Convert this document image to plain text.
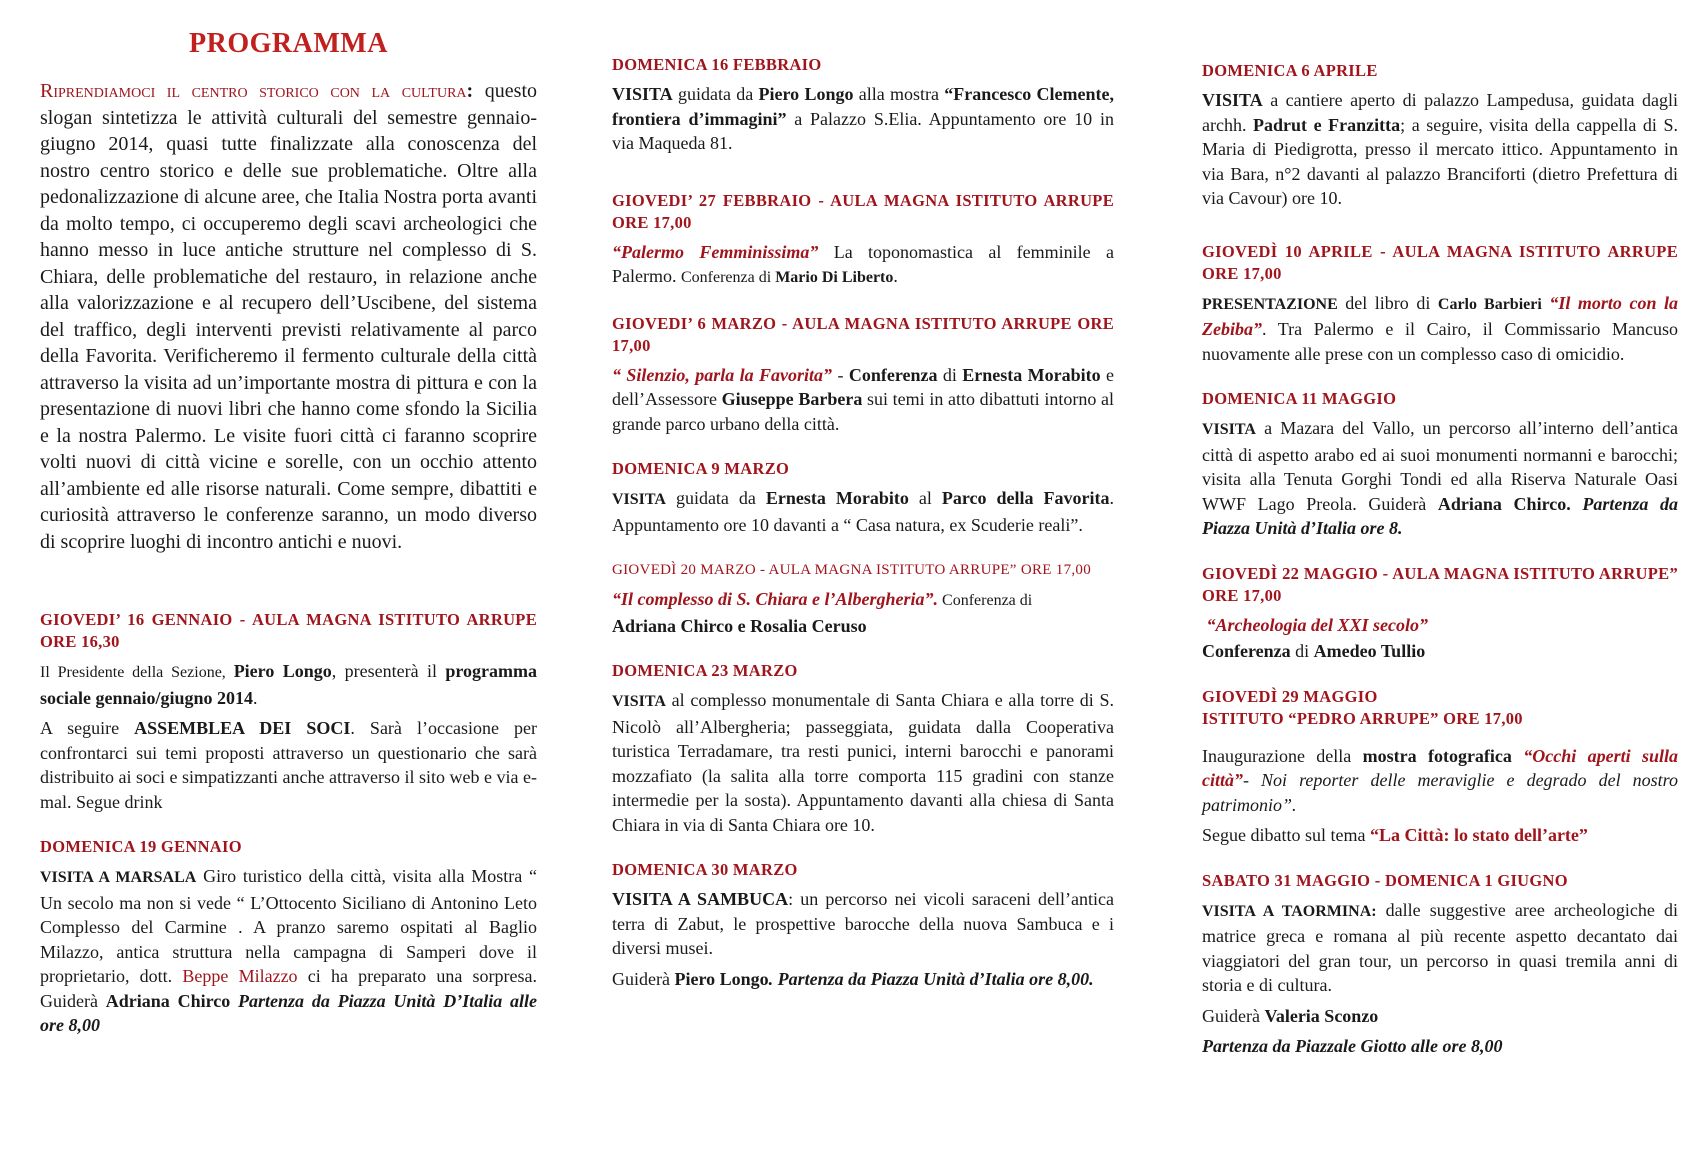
PROGRAMMA

Riprendiamoci il centro storico con la cultura: questo slogan sintetizza le attività culturali del semestre gennaio-giugno 2014, quasi tutte finalizzate alla conoscenza del nostro centro storico e delle sue problematiche. Oltre alla pedonalizzazione di alcune aree, che Italia Nostra porta avanti da molto tempo, ci occuperemo degli scavi archeologici che hanno messo in luce antiche strutture nel complesso di S. Chiara, delle problematiche del restauro, in relazione anche alla valorizzazione e al recupero dell’Uscibene, del sistema del traffico, degli interventi previsti relativamente al parco della Favorita. Verificheremo il fermento culturale della città attraverso la visita ad un’importante mostra di pittura e con la presentazione di nuovi libri che hanno come sfondo la Sicilia e la nostra Palermo. Le visite fuori città ci faranno scoprire volti nuovi di città vicine e sorelle, con un occhio attento all’ambiente ed alle risorse naturali. Come sempre, dibattiti e curiosità attraverso le conferenze saranno, un modo diverso di scoprire luoghi di incontro antichi e nuovi.

GIOVEDI’ 16 GENNAIO - AULA MAGNA ISTITUTO ARRUPE ORE 16,30

Il Presidente della Sezione, Piero Longo, presenterà il programma sociale gennaio/giugno 2014.

A seguire ASSEMBLEA DEI SOCI. Sarà l’occasione per confrontarci sui temi proposti attraverso un questionario che sarà distribuito ai soci e simpatizzanti anche attraverso il sito web e via e-mal. Segue drink

DOMENICA 19 GENNAIO

VISITA A MARSALA Giro turistico della città, visita alla Mostra “ Un secolo ma non si vede “ L’Ottocento Siciliano di Antonino Leto Complesso del Carmine . A pranzo saremo ospitati al Baglio Milazzo, antica struttura nella campagna di Samperi dove il proprietario, dott. Beppe Milazzo ci ha preparato una sorpresa. Guiderà Adriana Chirco Partenza da Piazza Unità D’Italia alle ore 8,00

DOMENICA 16 FEBBRAIO

VISITA guidata da Piero Longo alla mostra “Francesco Clemente, frontiera d’immagini” a Palazzo S.Elia. Appuntamento ore 10 in via Maqueda 81.

GIOVEDI’ 27 FEBBRAIO - AULA MAGNA ISTITUTO ARRUPE ORE 17,00

“Palermo Femminissima” La toponomastica al femminile a Palermo. Conferenza di Mario Di Liberto.

GIOVEDI’ 6 MARZO - AULA MAGNA ISTITUTO ARRUPE ORE 17,00

“ Silenzio, parla la Favorita” - Conferenza di Ernesta Morabito e dell’Assessore Giuseppe Barbera sui temi in atto dibattuti intorno al grande parco urbano della città.

DOMENICA 9 MARZO

VISITA guidata da Ernesta Morabito al Parco della Favorita. Appuntamento ore 10 davanti a “ Casa natura, ex Scuderie reali”.

GIOVEDÌ 20 MARZO - AULA MAGNA ISTITUTO ARRUPE” ORE 17,00

“Il complesso di S. Chiara e l’Albergheria”. Conferenza di
Adriana Chirco e Rosalia Ceruso

DOMENICA 23 MARZO

VISITA al complesso monumentale di Santa Chiara e alla torre di S. Nicolò all’Albergheria; passeggiata, guidata dalla Cooperativa turistica Terradamare, tra resti punici, interni barocchi e panorami mozzafiato (la salita alla torre comporta 115 gradini con stanze intermedie per la sosta). Appuntamento davanti alla chiesa di Santa Chiara in via di Santa Chiara ore 10.

DOMENICA 30 MARZO

VISITA A SAMBUCA: un percorso nei vicoli saraceni dell’antica terra di Zabut, le prospettive barocche della nuova Sambuca e i diversi musei.

Guiderà Piero Longo. Partenza da Piazza Unità d’Italia ore 8,00.

DOMENICA 6 APRILE

VISITA a cantiere aperto di palazzo Lampedusa, guidata dagli archh. Padrut e Franzitta; a seguire, visita della cappella di S. Maria di Piedigrotta, presso il mercato ittico. Appuntamento in via Bara, n°2 davanti al palazzo Branciforti (dietro Prefettura di via Cavour) ore 10.

GIOVEDÌ 10 APRILE - AULA MAGNA ISTITUTO ARRUPE ORE 17,00

PRESENTAZIONE del libro di Carlo Barbieri “Il morto con la Zebiba”. Tra Palermo e il Cairo, il Commissario Mancuso nuovamente alle prese con un complesso caso di omicidio.

DOMENICA 11 MAGGIO

VISITA a Mazara del Vallo, un percorso all’interno dell’antica città di aspetto arabo ed ai suoi monumenti normanni e barocchi; visita alla Tenuta Gorghi Tondi ed alla Riserva Naturale Oasi WWF Lago Preola. Guiderà Adriana Chirco. Partenza da Piazza Unità d’Italia ore 8.

GIOVEDÌ 22 MAGGIO - AULA MAGNA ISTITUTO ARRUPE” ORE 17,00

“Archeologia del XXI secolo”

Conferenza di Amedeo Tullio

GIOVEDÌ 29 MAGGIO
ISTITUTO “PEDRO ARRUPE” ORE 17,00

Inaugurazione della mostra fotografica “Occhi aperti sulla città”- Noi reporter delle meraviglie e degrado del nostro patrimonio”.

Segue dibatto sul tema “La Città: lo stato dell’arte”

SABATO 31 MAGGIO - DOMENICA 1 GIUGNO

VISITA A TAORMINA: dalle suggestive aree archeologiche di matrice greca e romana al più recente aspetto decantato dai viaggiatori del gran tour, un percorso in quasi tremila anni di storia e di cultura.

Guiderà Valeria Sconzo

Partenza da Piazzale Giotto alle ore 8,00
